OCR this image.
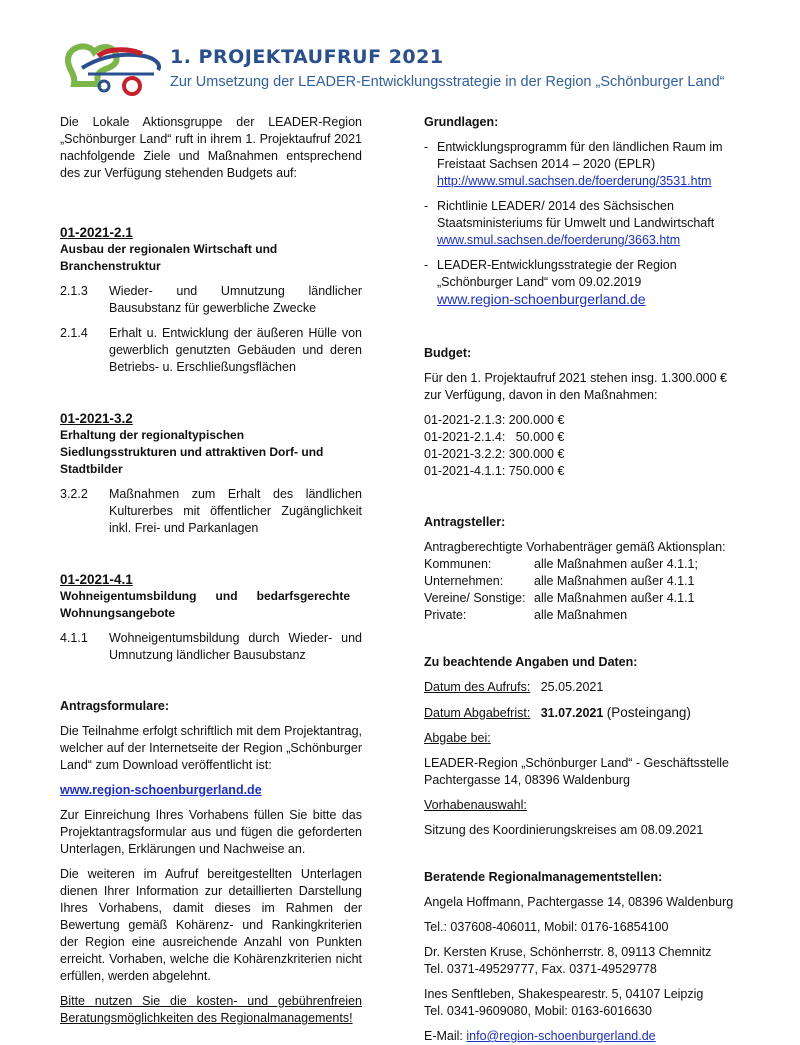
1. PROJEKTAUFRUF 2021
Zur Umsetzung der LEADER-Entwicklungsstrategie in der Region „Schönburger Land“

Die Lokale Aktionsgruppe der LEADER-Region „Schönburger Land“ ruft in ihrem 1. Projektaufruf 2021 nachfolgende Ziele und Maßnahmen entsprechend des zur Verfügung stehenden Budgets auf:

01-2021-2.1

Ausbau der regionalen Wirtschaft und Branchenstruktur

2.1.3	Wieder- und Umnutzung ländlicher Bausubstanz für gewerbliche Zwecke
2.1.4	Erhalt u. Entwicklung der äußeren Hülle von gewerblich genutzten Gebäuden und deren Betriebs- u. Erschließungsflächen

01-2021-3.2

Erhaltung der regionaltypischen Siedlungsstrukturen und attraktiven Dorf- und Stadtbilder

3.2.2	Maßnahmen zum Erhalt des ländlichen Kulturerbes mit öffentlicher Zugänglichkeit inkl. Frei- und Parkanlagen

01-2021-4.1

Wohneigentumsbildung und bedarfsgerechte Wohnungsangebote

4.1.1	Wohneigentumsbildung durch Wieder- und Umnutzung ländlicher Bausubstanz

Antragsformulare:

Die Teilnahme erfolgt schriftlich mit dem Projektantrag, welcher auf der Internetseite der Region „Schönburger Land“ zum Download veröffentlicht ist:

www.region-schoenburgerland.de

Zur Einreichung Ihres Vorhabens füllen Sie bitte das Projektantragsformular aus und fügen die geforderten Unterlagen, Erklärungen und Nachweise an.

Die weiteren im Aufruf bereitgestellten Unterlagen dienen Ihrer Information zur detaillierten Darstellung Ihres Vorhabens, damit dieses im Rahmen der Bewertung gemäß Kohärenz- und Rankingkriterien der Region eine ausreichende Anzahl von Punkten erreicht. Vorhaben, welche die Kohärenzkriterien nicht erfüllen, werden abgelehnt.

Bitte nutzen Sie die kosten- und gebührenfreien Beratungsmöglichkeiten des Regionalmanagements!

Grundlagen:

- Entwicklungsprogramm für den ländlichen Raum im Freistaat Sachsen 2014 – 2020 (EPLR)
http://www.smul.sachsen.de/foerderung/3531.htm
- Richtlinie LEADER/ 2014 des Sächsischen Staatsministeriums für Umwelt und Landwirtschaft
www.smul.sachsen.de/foerderung/3663.htm
- LEADER-Entwicklungsstrategie der Region „Schönburger Land“ vom 09.02.2019
www.region-schoenburgerland.de

Budget:

Für den 1. Projektaufruf 2021 stehen insg. 1.300.000 € zur Verfügung, davon in den Maßnahmen:

01-2021-2.1.3: 200.000 €

01-2021-2.1.4:   50.000 €

01-2021-3.2.2: 300.000 €

01-2021-4.1.1: 750.000 €

Antragsteller:

Antragberechtigte Vorhabenträger gemäß Aktionsplan:

Kommunen:	alle Maßnahmen außer 4.1.1;
Unternehmen:	alle Maßnahmen außer 4.1.1
Vereine/ Sonstige:	alle Maßnahmen außer 4.1.1
Private:	alle Maßnahmen

Zu beachtende Angaben und Daten:

Datum des Aufrufs: 25.05.2021

Datum Abgabefrist: 31.07.2021 (Posteingang)

Abgabe bei:

LEADER-Region „Schönburger Land“ - Geschäftsstelle Pachtergasse 14, 08396 Waldenburg

Vorhabenauswahl:

Sitzung des Koordinierungskreises am 08.09.2021

Beratende Regionalmanagementstellen:

Angela Hoffmann, Pachtergasse 14, 08396 Waldenburg

Tel.: 037608-406011, Mobil: 0176-16854100

Dr. Kersten Kruse, Schönherrstr. 8, 09113 Chemnitz

Tel. 0371-49529777, Fax. 0371-49529778

Ines Senftleben, Shakespearestr. 5, 04107 Leipzig

Tel. 0341-9609080, Mobil: 0163-6016630

E-Mail: info@region-schoenburgerland.de
